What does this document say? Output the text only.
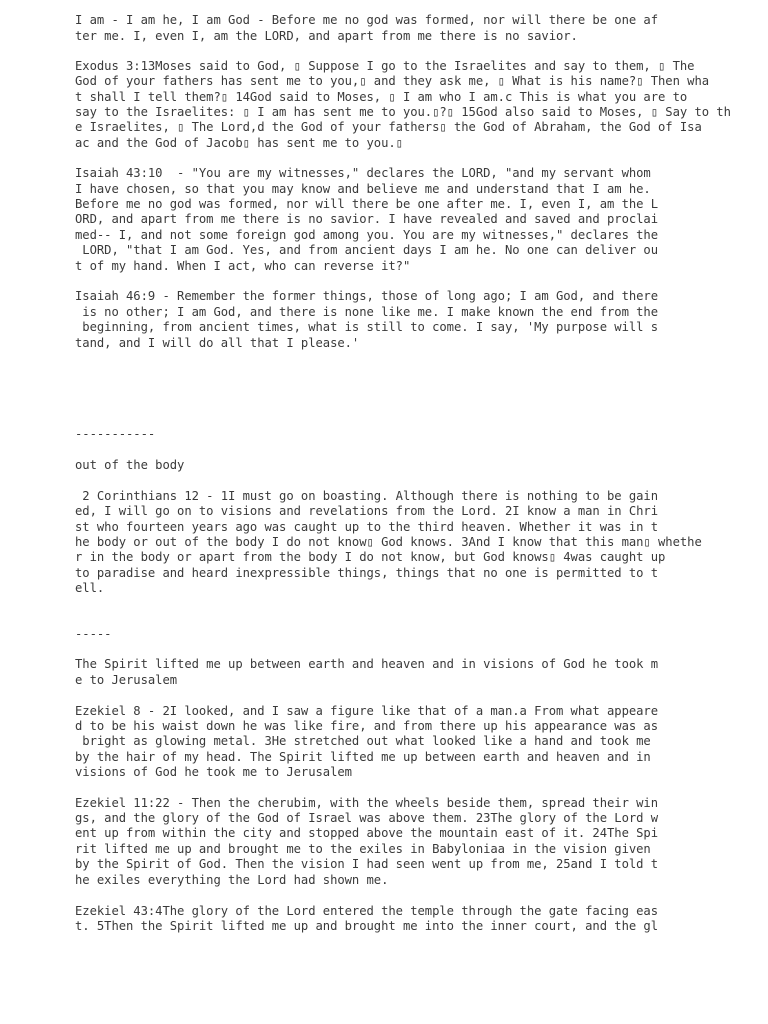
I am - I am he, I am God - Before me no god was formed, nor will there be one af
ter me. I, even I, am the LORD, and apart from me there is no savior.
Exodus 3:13Moses said to God, ▯ Suppose I go to the Israelites and say to them, ▯ The
God of your fathers has sent me to you,▯ and they ask me, ▯ What is his name?▯ Then wha
t shall I tell them?▯ 14God said to Moses, ▯ I am who I am.c This is what you are to
say to the Israelites: ▯ I am has sent me to you.▯?▯ 15God also said to Moses, ▯ Say to th
e Israelites, ▯ The Lord,d the God of your fathers▯ the God of Abraham, the God of Isa
ac and the God of Jacob▯ has sent me to you.▯
Isaiah 43:10  - "You are my witnesses," declares the LORD, "and my servant whom
I have chosen, so that you may know and believe me and understand that I am he.
Before me no god was formed, nor will there be one after me. I, even I, am the L
ORD, and apart from me there is no savior. I have revealed and saved and proclai
med-- I, and not some foreign god among you. You are my witnesses," declares the
LORD, "that I am God. Yes, and from ancient days I am he. No one can deliver ou
t of my hand. When I act, who can reverse it?"
Isaiah 46:9 - Remember the former things, those of long ago; I am God, and there
is no other; I am God, and there is none like me. I make known the end from the
beginning, from ancient times, what is still to come. I say, 'My purpose will s
tand, and I will do all that I please.'
-----------
out of the body
2 Corinthians 12 - 1I must go on boasting. Although there is nothing to be gain
ed, I will go on to visions and revelations from the Lord. 2I know a man in Chri
st who fourteen years ago was caught up to the third heaven. Whether it was in t
he body or out of the body I do not know▯ God knows. 3And I know that this man▯ whethe
r in the body or apart from the body I do not know, but God knows▯ 4was caught up
to paradise and heard inexpressible things, things that no one is permitted to t
ell.
-----
The Spirit lifted me up between earth and heaven and in visions of God he took m
e to Jerusalem
Ezekiel 8 - 2I looked, and I saw a figure like that of a man.a From what appeare
d to be his waist down he was like fire, and from there up his appearance was as
bright as glowing metal. 3He stretched out what looked like a hand and took me
by the hair of my head. The Spirit lifted me up between earth and heaven and in
visions of God he took me to Jerusalem
Ezekiel 11:22 - Then the cherubim, with the wheels beside them, spread their win
gs, and the glory of the God of Israel was above them. 23The glory of the Lord w
ent up from within the city and stopped above the mountain east of it. 24The Spi
rit lifted me up and brought me to the exiles in Babyloniaa in the vision given
by the Spirit of God. Then the vision I had seen went up from me, 25and I told t
he exiles everything the Lord had shown me.
Ezekiel 43:4The glory of the Lord entered the temple through the gate facing eas
t. 5Then the Spirit lifted me up and brought me into the inner court, and the gl
